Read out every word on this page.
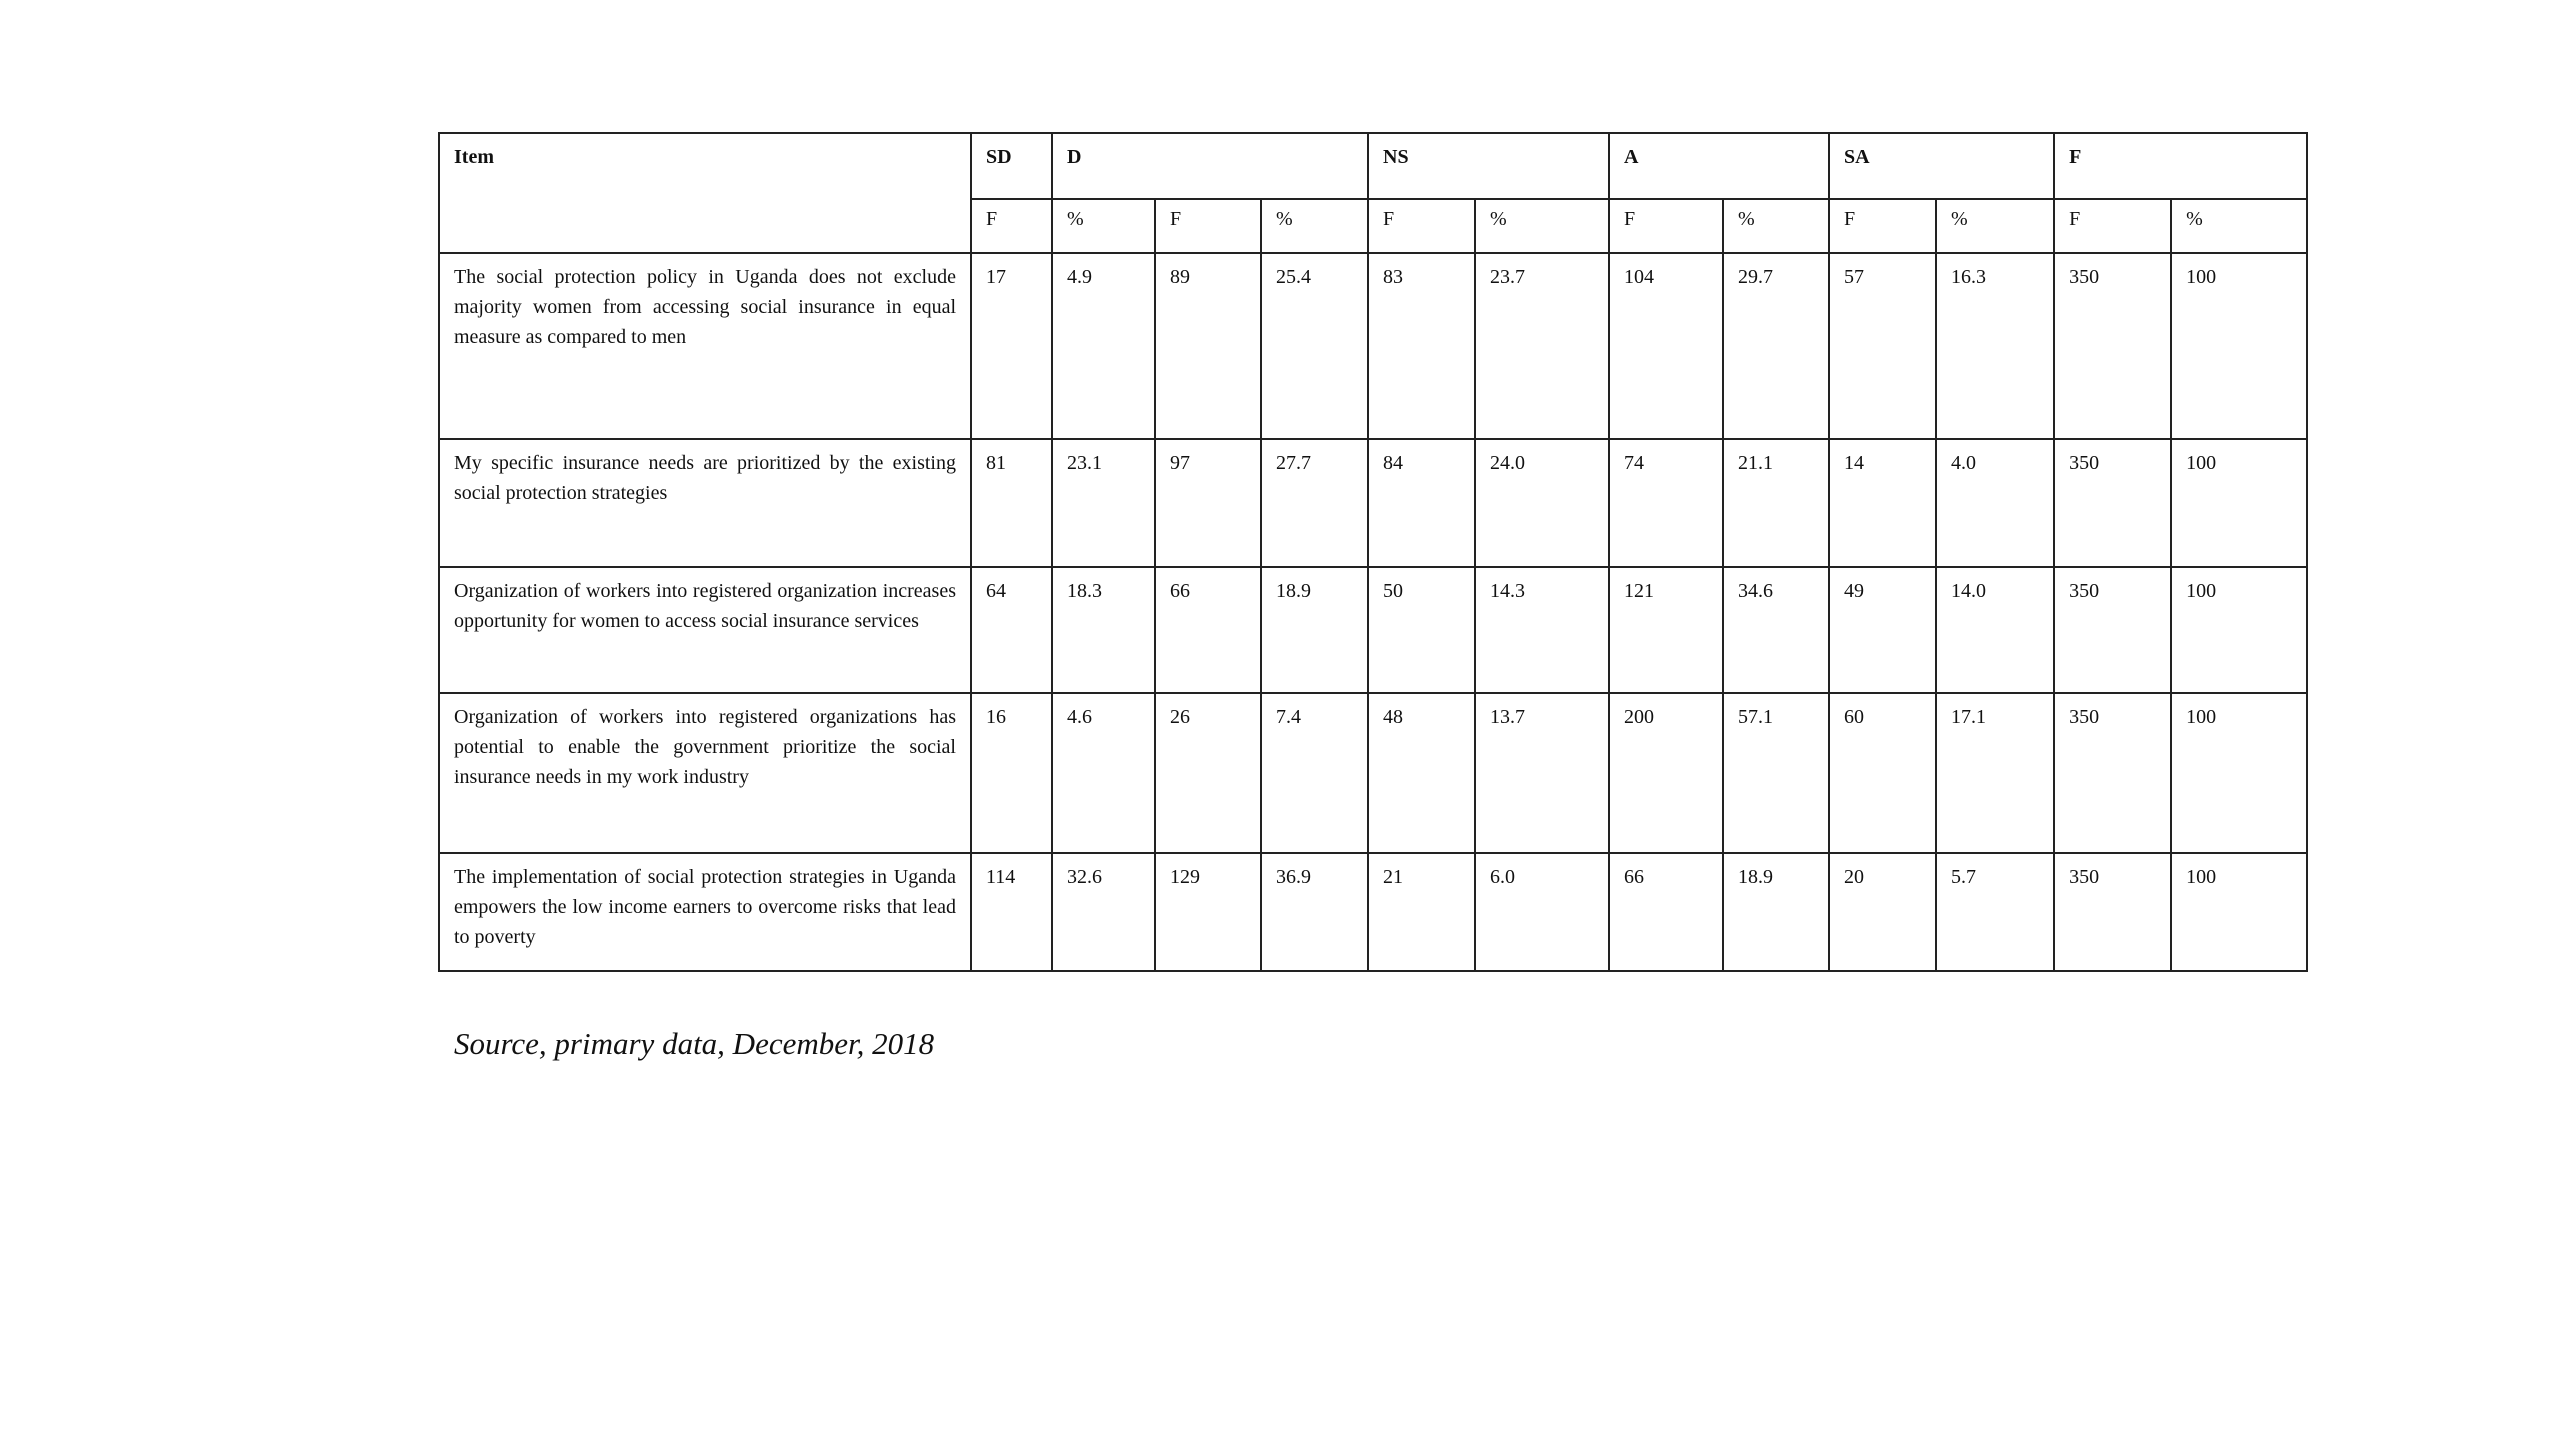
Item	SD	D			NS		A		SA		F	
	F	%	F	%	F	%	F	%	F	%	F	%
The social protection policy in Uganda does not exclude majority women from accessing social insurance in equal measure as compared to men	17	4.9	89	25.4	83	23.7	104	29.7	57	16.3	350	100
My specific insurance needs are prioritized by the existing social protection strategies	81	23.1	97	27.7	84	24.0	74	21.1	14	4.0	350	100
Organization of workers into registered organization increases opportunity for women to access social insurance services	64	18.3	66	18.9	50	14.3	121	34.6	49	14.0	350	100
Organization of workers into registered organizations has potential to enable the government prioritize the social insurance needs in my work industry	16	4.6	26	7.4	48	13.7	200	57.1	60	17.1	350	100
The implementation of social protection strategies in Uganda empowers the low income earners to overcome risks that lead to poverty	114	32.6	129	36.9	21	6.0	66	18.9	20	5.7	350	100
Source, primary data, December, 2018
